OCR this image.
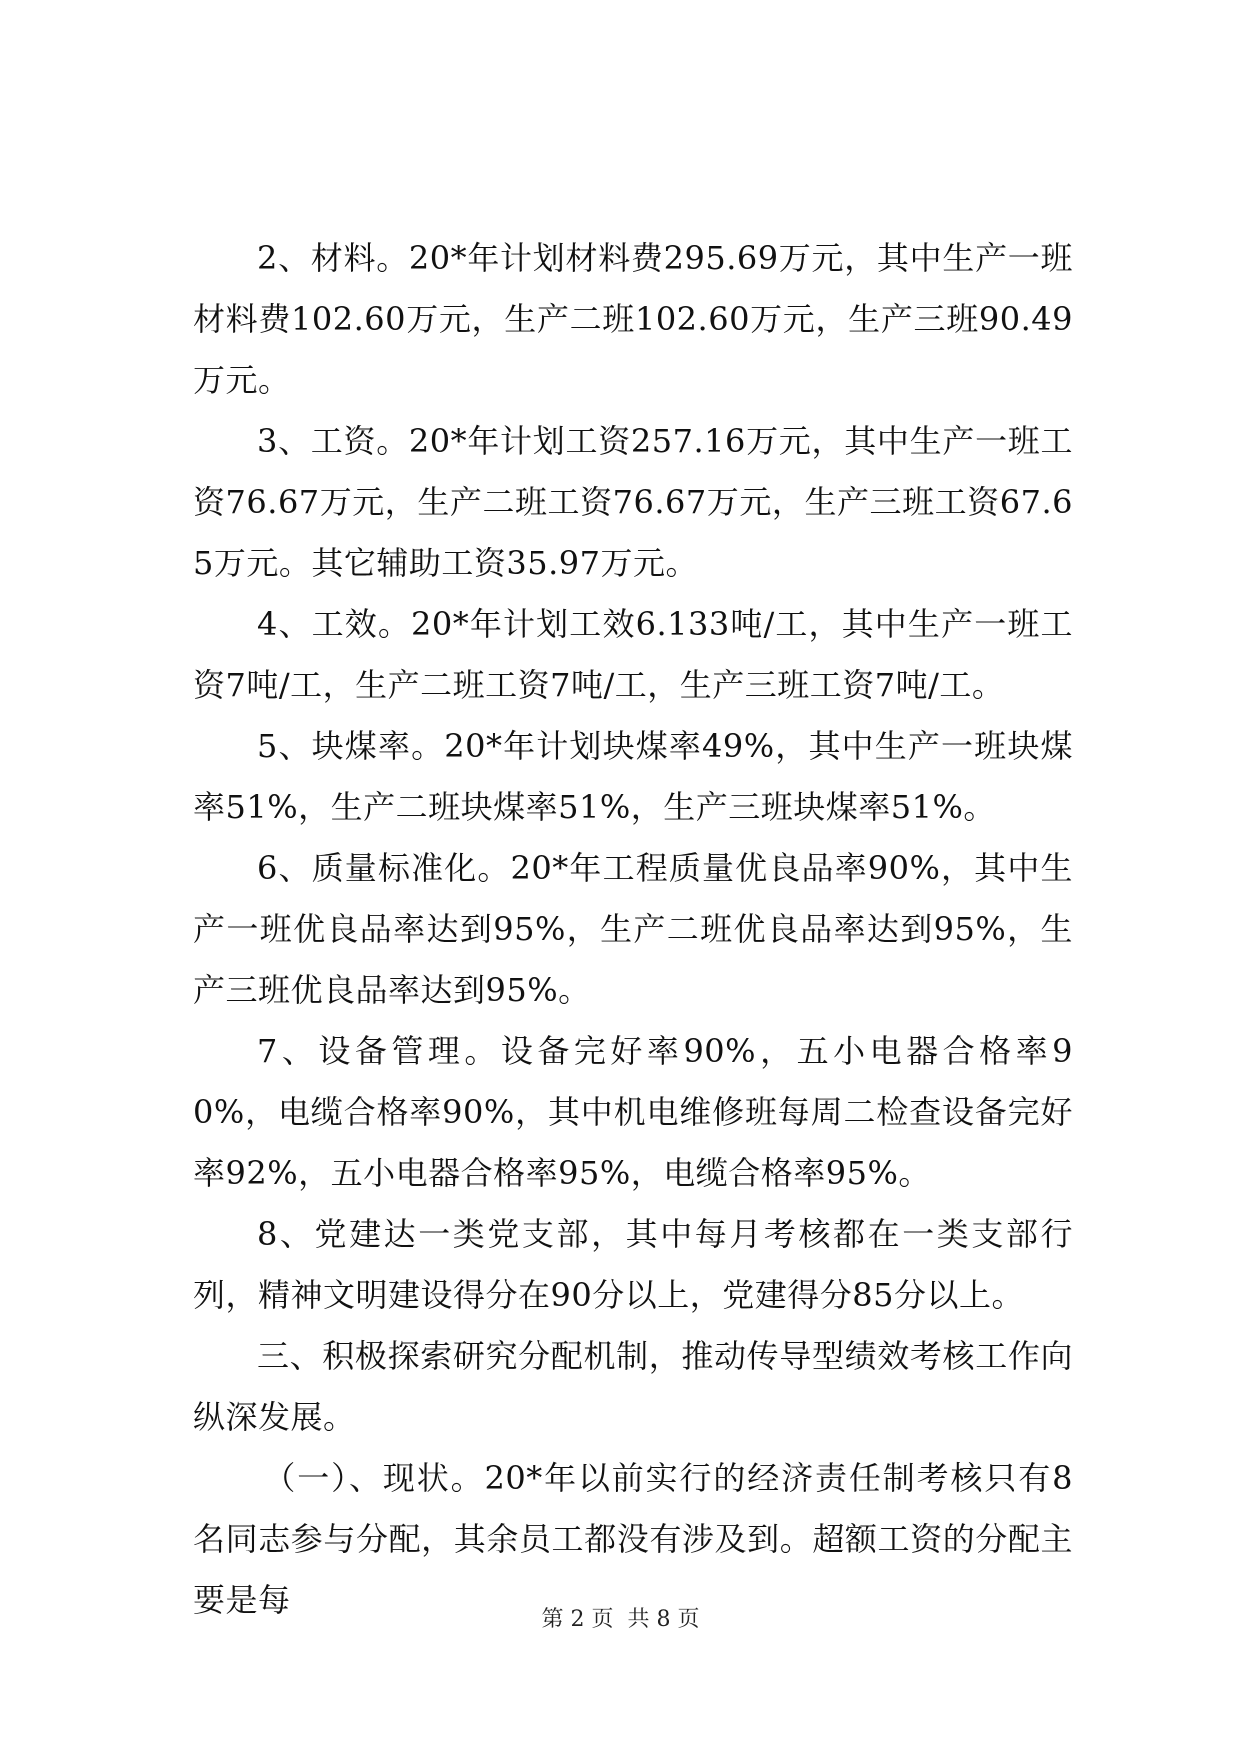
2、材料。20*年计划材料费295.69万元，其中生产一班材料费102.60万元，生产二班102.60万元，生产三班90.49万元。

3、工资。20*年计划工资257.16万元，其中生产一班工资76.67万元，生产二班工资76.67万元，生产三班工资67.65万元。其它辅助工资35.97万元。

4、工效。20*年计划工效6.133吨/工，其中生产一班工资7吨/工，生产二班工资7吨/工，生产三班工资7吨/工。

5、块煤率。20*年计划块煤率49%，其中生产一班块煤率51%，生产二班块煤率51%，生产三班块煤率51%。

6、质量标准化。20*年工程质量优良品率90%，其中生产一班优良品率达到95%，生产二班优良品率达到95%，生产三班优良品率达到95%。

7、设备管理。设备完好率90%，五小电器合格率90%，电缆合格率90%，其中机电维修班每周二检查设备完好率92%，五小电器合格率95%，电缆合格率95%。

8、党建达一类党支部，其中每月考核都在一类支部行列，精神文明建设得分在90分以上，党建得分85分以上。

三、积极探索研究分配机制，推动传导型绩效考核工作向纵深发展。

（一）、现状。20*年以前实行的经济责任制考核只有8名同志参与分配，其余员工都没有涉及到。超额工资的分配主要是每

第 2 页  共 8 页
